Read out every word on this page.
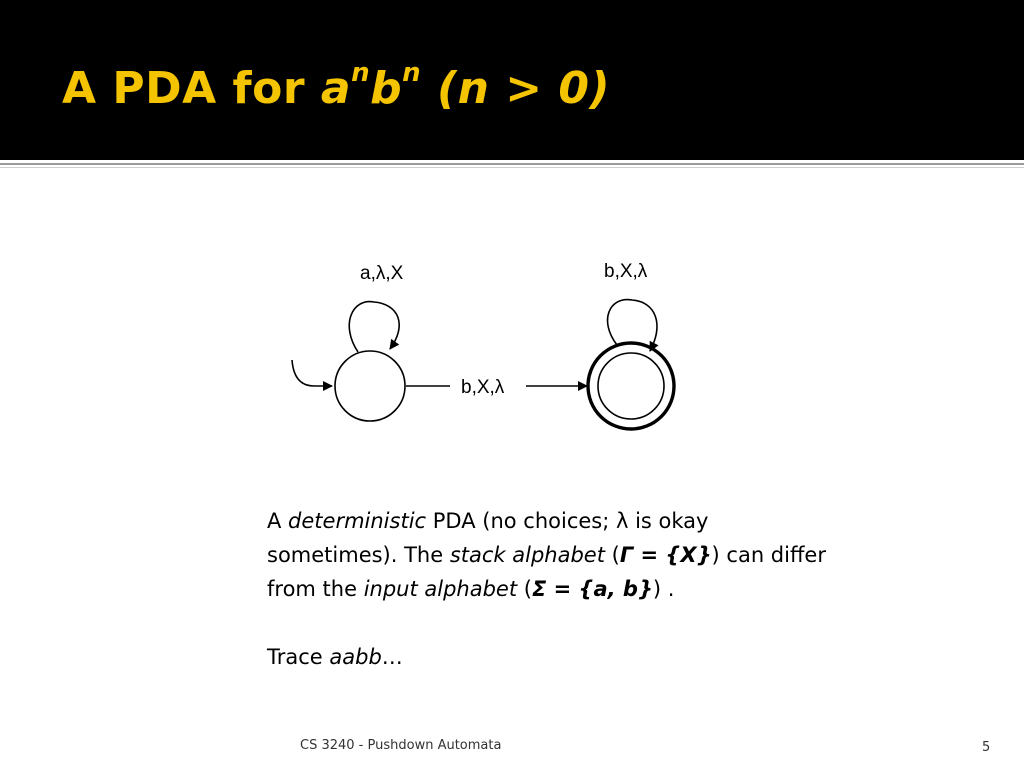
A PDA for $a^nb^n$ (n > 0)
a,λ,X
b,X,λ
b,X,λ
A deterministic PDA (no choices; λ is okay sometimes). The stack alphabet (Γ = {X}) can differ from the input alphabet (Σ = {a, b}) .
Trace aabb…
CS 3240 - Pushdown Automata	5
